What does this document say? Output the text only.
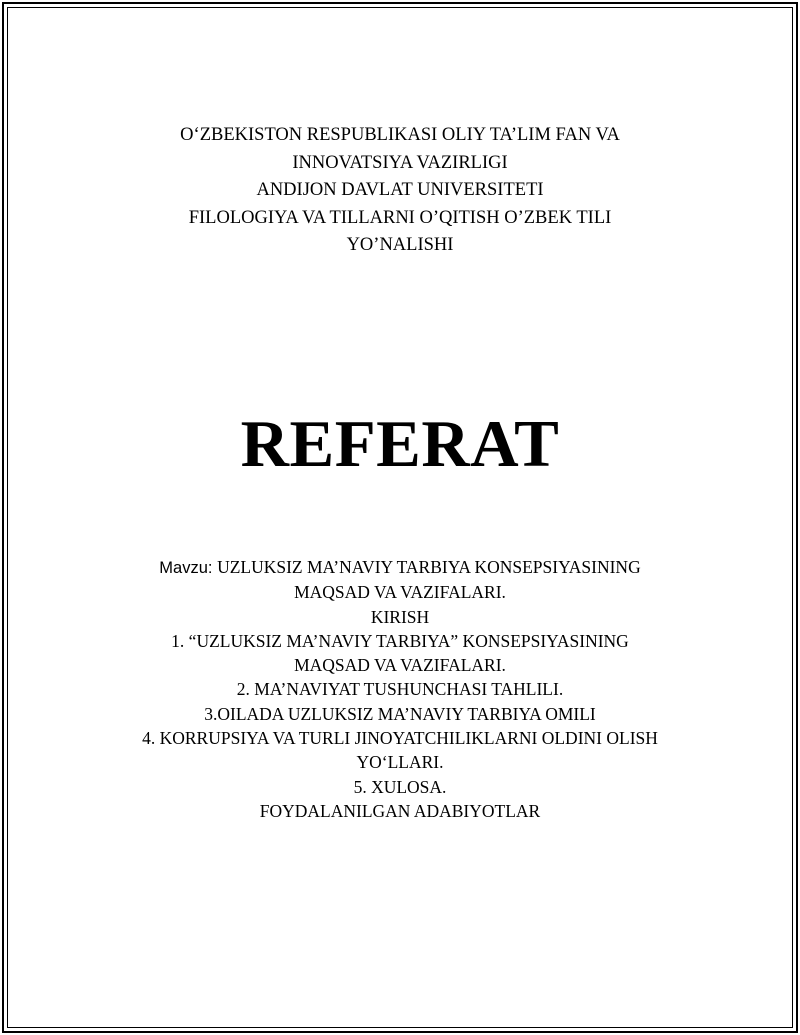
O‘ZBEKISTON RESPUBLIKASI OLIY TA’LIM FAN VA
INNOVATSIYA VAZIRLIGI
ANDIJON DAVLAT UNIVERSITETI
FILOLOGIYA VA TILLARNI O’QITISH O’ZBEK TILI
YO’NALISHI
REFERAT
Mavzu: UZLUKSIZ MA’NAVIY TARBIYA KONSEPSIYASINING
MAQSAD VA VAZIFALARI.
KIRISH
1. “UZLUKSIZ MA’NAVIY TARBIYA” KONSEPSIYASINING
MAQSAD VA VAZIFALARI.
2. MA’NAVIYAT TUSHUNCHASI TAHLILI.
3.OILADA UZLUKSIZ MA’NAVIY TARBIYA OMILI
4. KORRUPSIYA VA TURLI JINOYATCHILIKLARNI OLDINI OLISH
YO‘LLARI.
5. XULOSA.
FOYDALANILGAN ADABIYOTLAR
